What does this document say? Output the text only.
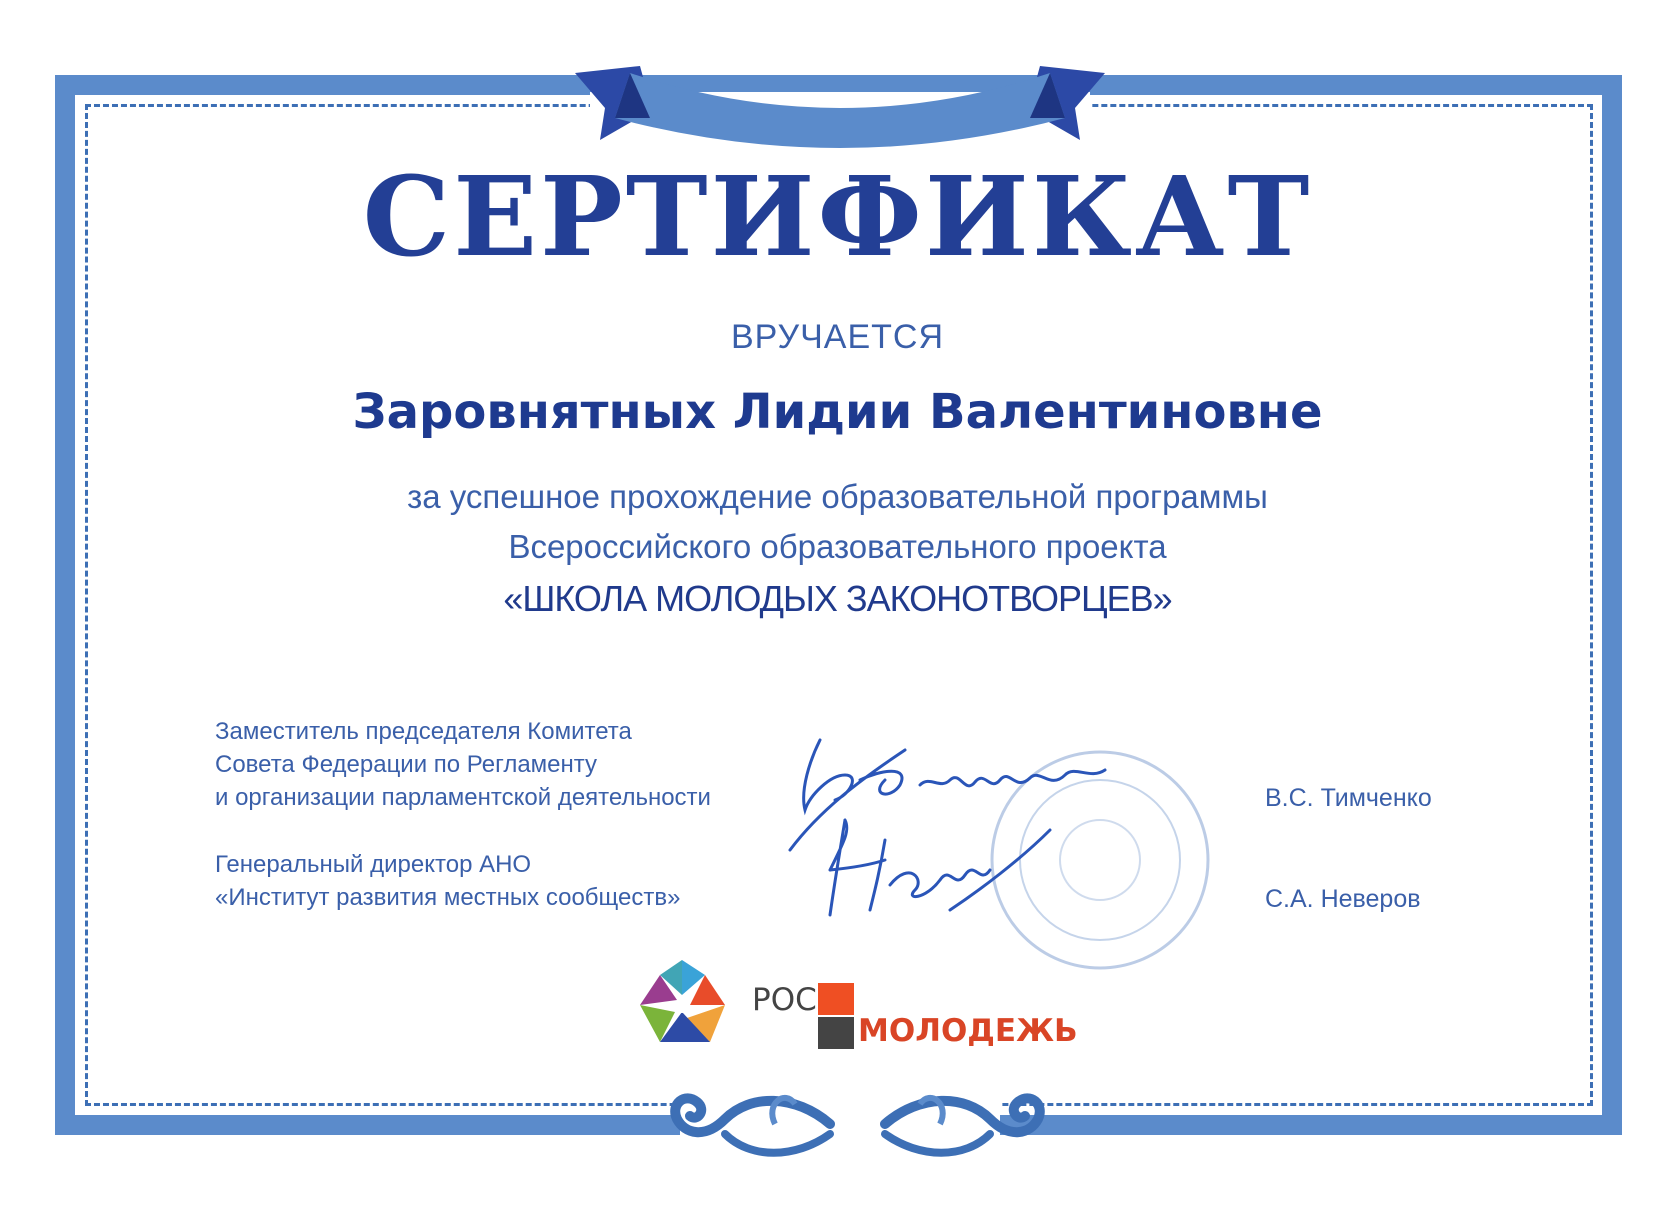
СЕРТИФИКАТ
ВРУЧАЕТСЯ
Заровнятных Лидии Валентиновне
за успешное прохождение образовательной программы
Всероссийского образовательного проекта
«ШКОЛА МОЛОДЫХ ЗАКОНОТВОРЦЕВ»
Заместитель председателя Комитета
Совета Федерации по Регламенту
и организации парламентской деятельности	В.С. Тимченко
Генеральный директор АНО
«Институт развития местных сообществ»	С.А. Неверов
РОС
МОЛОДЕЖЬ
